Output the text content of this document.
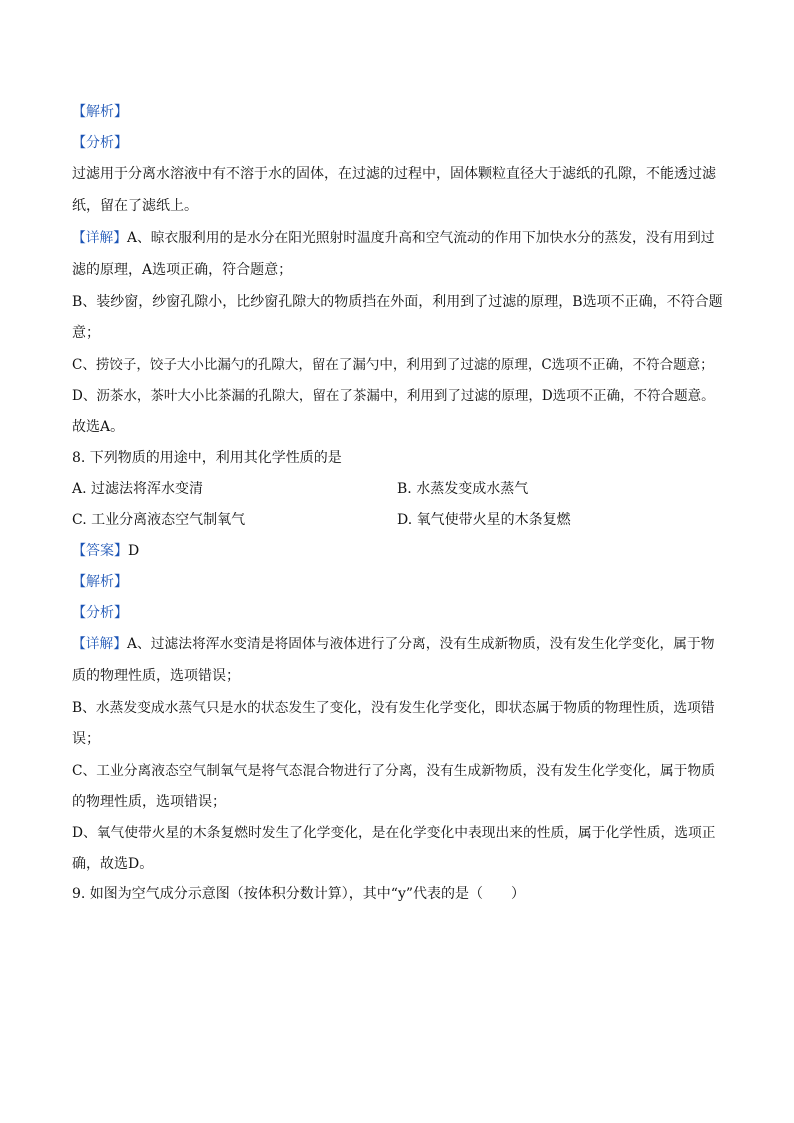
【解析】
【分析】
过滤用于分离水溶液中有不溶于水的固体，在过滤的过程中，固体颗粒直径大于滤纸的孔隙，不能透过滤
纸，留在了滤纸上。
【详解】A、晾衣服利用的是水分在阳光照射时温度升高和空气流动的作用下加快水分的蒸发，没有用到过
滤的原理，A选项正确，符合题意；
B、装纱窗，纱窗孔隙小，比纱窗孔隙大的物质挡在外面，利用到了过滤的原理，B选项不正确，不符合题
意；
C、捞饺子，饺子大小比漏勺的孔隙大，留在了漏勺中，利用到了过滤的原理，C选项不正确，不符合题意；
D、沥茶水，茶叶大小比茶漏的孔隙大，留在了茶漏中，利用到了过滤的原理，D选项不正确，不符合题意。
故选A。
8. 下列物质的用途中，利用其化学性质的是
A. 过滤法将浑水变清	B. 水蒸发变成水蒸气
C. 工业分离液态空气制氧气	D. 氧气使带火星的木条复燃
【答案】D
【解析】
【分析】
【详解】A、过滤法将浑水变清是将固体与液体进行了分离，没有生成新物质，没有发生化学变化，属于物
质的物理性质，选项错误；
B、水蒸发变成水蒸气只是水的状态发生了变化，没有发生化学变化，即状态属于物质的物理性质，选项错
误；
C、工业分离液态空气制氧气是将气态混合物进行了分离，没有生成新物质，没有发生化学变化，属于物质
的物理性质，选项错误；
D、氧气使带火星的木条复燃时发生了化学变化，是在化学变化中表现出来的性质，属于化学性质，选项正
确，故选D。
9. 如图为空气成分示意图（按体积分数计算），其中“y”代表的是（　　）
